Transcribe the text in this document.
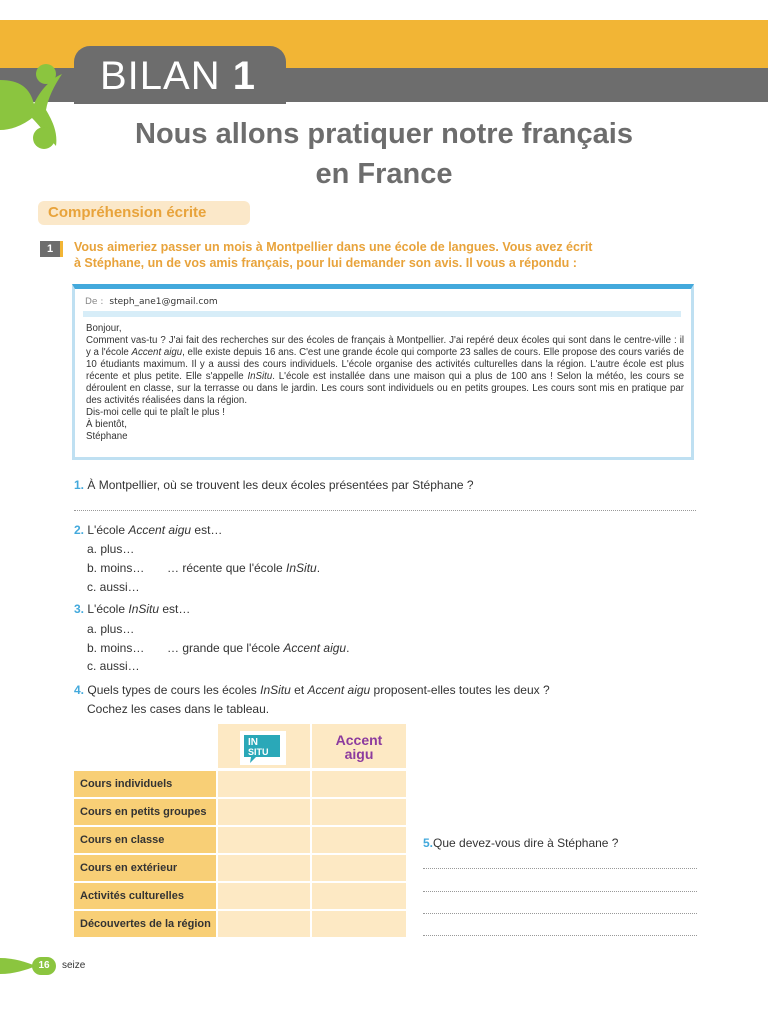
BILAN 1
Nous allons pratiquer notre français
en France
Compréhension écrite
1	Vous aimeriez passer un mois à Montpellier dans une école de langues. Vous avez écrit
à Stéphane, un de vos amis français, pour lui demander son avis. Il vous a répondu :
De : steph_ane1@gmail.com

Bonjour,

Comment vas-tu ? J'ai fait des recherches sur des écoles de français à Montpellier. J'ai repéré deux écoles qui sont dans le centre-ville : il y a l'école Accent aigu, elle existe depuis 16 ans. C'est une grande école qui comporte 23 salles de cours. Elle propose des cours variés de 10 étudiants maximum. Il y a aussi des cours individuels. L'école organise des activités culturelles dans la région. L'autre école est plus récente et plus petite. Elle s'appelle InSitu. L'école est installée dans une maison qui a plus de 100 ans ! Selon la météo, les cours se déroulent en classe, sur la terrasse ou dans le jardin. Les cours sont individuels ou en petits groupes. Les cours sont mis en pratique par des activités réalisées dans la région.

Dis-moi celle qui te plaît le plus !

À bientôt,

Stéphane

1. À Montpellier, où se trouvent les deux écoles présentées par Stéphane ?
2. L'école Accent aigu est…
a. plus…
b. moins… … récente que l'école InSitu.
c. aussi…
3. L'école InSitu est…
a. plus…
b. moins… … grande que l'école Accent aigu.
c. aussi…
4. Quels types de cours les écoles InSitu et Accent aigu proposent-elles toutes les deux ?
Cochez les cases dans le tableau.
IN
SITU
Accent
aigu
Cours individuels
Cours en petits groupes
Cours en classe
Cours en extérieur
Activités culturelles
Découvertes de la région
5.Que devez-vous dire à Stéphane ?
16	seize
